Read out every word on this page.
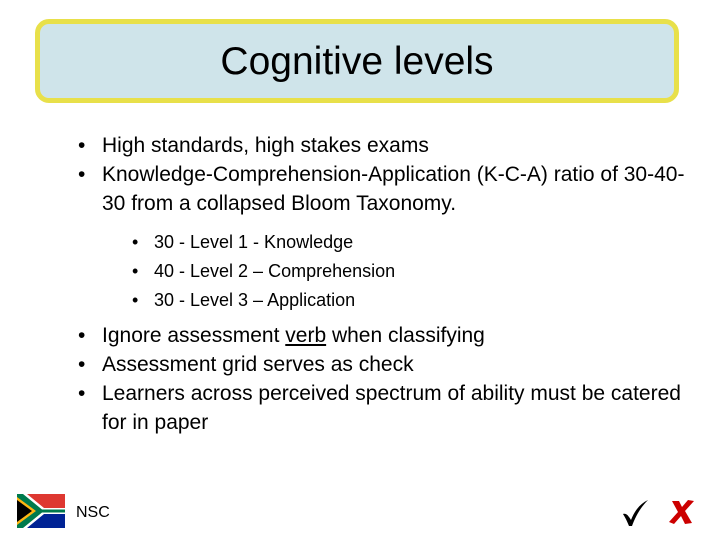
Cognitive levels
• High standards, high stakes exams
• Knowledge-Comprehension-Application (K-C-A) ratio of 30-40-30 from a collapsed Bloom Taxonomy.
• 30 - Level 1 - Knowledge
• 40 - Level 2 – Comprehension
• 30 - Level 3 – Application
• Ignore assessment verb when classifying
• Assessment grid serves as check
• Learners across perceived spectrum of ability must be catered for in paper
NSC
